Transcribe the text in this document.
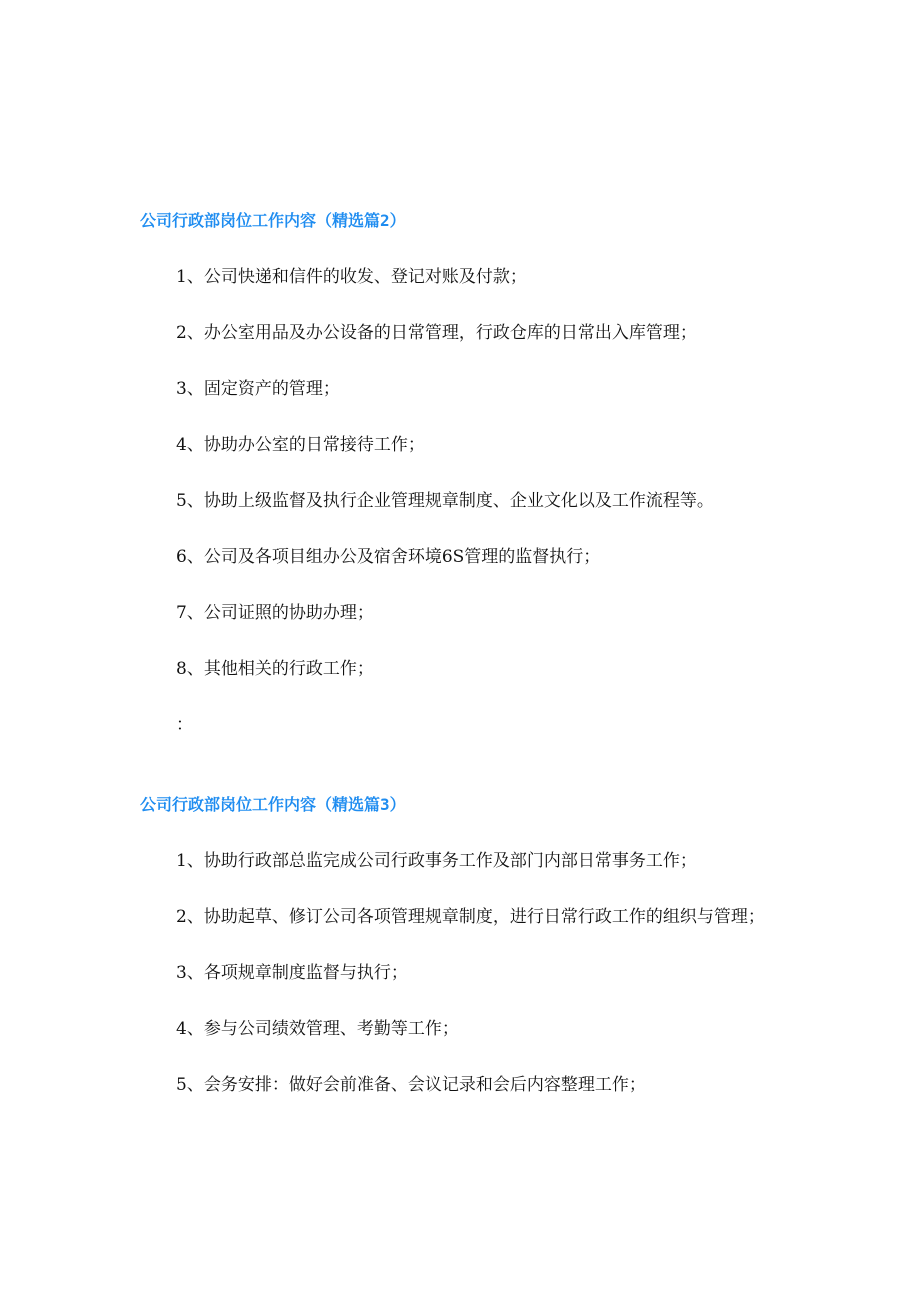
公司行政部岗位工作内容（精选篇2）

1、公司快递和信件的收发、登记对账及付款；

2、办公室用品及办公设备的日常管理，行政仓库的日常出入库管理；

3、固定资产的管理；

4、协助办公室的日常接待工作；

5、协助上级监督及执行企业管理规章制度、企业文化以及工作流程等。

6、公司及各项目组办公及宿舍环境6S管理的监督执行；

7、公司证照的协助办理；

8、其他相关的行政工作；

：

公司行政部岗位工作内容（精选篇3）

1、协助行政部总监完成公司行政事务工作及部门内部日常事务工作；

2、协助起草、修订公司各项管理规章制度，进行日常行政工作的组织与管理；

3、各项规章制度监督与执行；

4、参与公司绩效管理、考勤等工作；

5、会务安排：做好会前准备、会议记录和会后内容整理工作；
